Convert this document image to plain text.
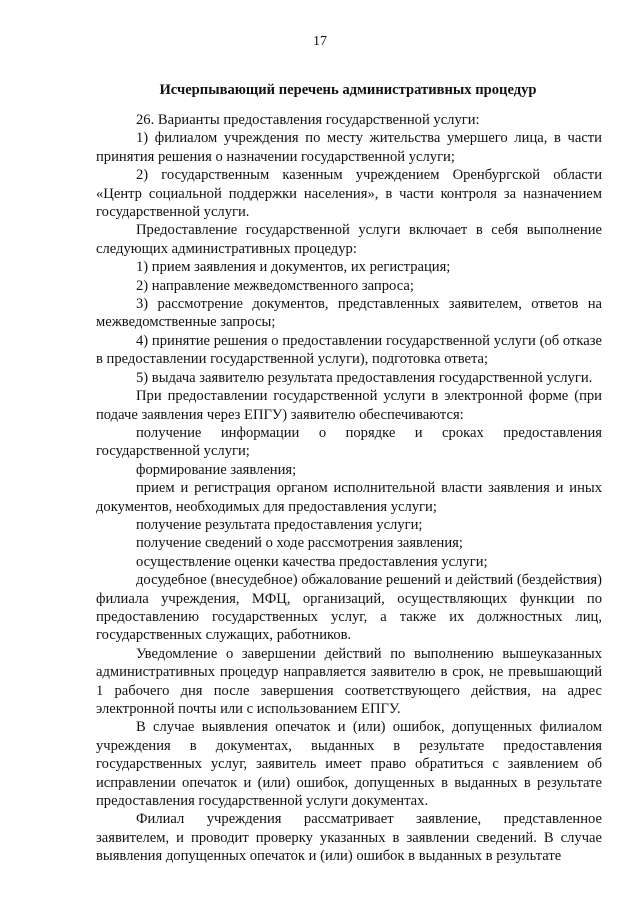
17
Исчерпывающий перечень административных процедур

26. Варианты предоставления государственной услуги:

1) филиалом учреждения по месту жительства умершего лица, в части принятия решения о назначении государственной услуги;

2) государственным казенным учреждением Оренбургской области «Центр социальной поддержки населения», в части контроля за назначением государственной услуги.

Предоставление государственной услуги включает в себя выполнение следующих административных процедур:

1) прием заявления и документов, их регистрация;

2) направление межведомственного запроса;

3) рассмотрение документов, представленных заявителем, ответов на межведомственные запросы;

4) принятие решения о предоставлении государственной услуги (об отказе в предоставлении государственной услуги), подготовка ответа;

5) выдача заявителю результата предоставления государственной услуги.

При предоставлении государственной услуги в электронной форме (при подаче заявления через ЕПГУ) заявителю обеспечиваются:

получение информации о порядке и сроках предоставления государственной услуги;

формирование заявления;

прием и регистрация органом исполнительной власти заявления и иных документов, необходимых для предоставления услуги;

получение результата предоставления услуги;

получение сведений о ходе рассмотрения заявления;

осуществление оценки качества предоставления услуги;

досудебное (внесудебное) обжалование решений и действий (бездействия) филиала учреждения, МФЦ, организаций, осуществляющих функции по предоставлению государственных услуг, а также их должностных лиц, государственных служащих, работников.

Уведомление о завершении действий по выполнению вышеуказанных административных процедур направляется заявителю в срок, не превышающий 1 рабочего дня после завершения соответствующего действия, на адрес электронной почты или с использованием ЕПГУ.

В случае выявления опечаток и (или) ошибок, допущенных филиалом учреждения в документах, выданных в результате предоставления государственных услуг, заявитель имеет право обратиться с заявлением об исправлении опечаток и (или) ошибок, допущенных в выданных в результате предоставления государственной услуги документах.

Филиал учреждения рассматривает заявление, представленное заявителем, и проводит проверку указанных в заявлении сведений. В случае выявления допущенных опечаток и (или) ошибок в выданных в результате
